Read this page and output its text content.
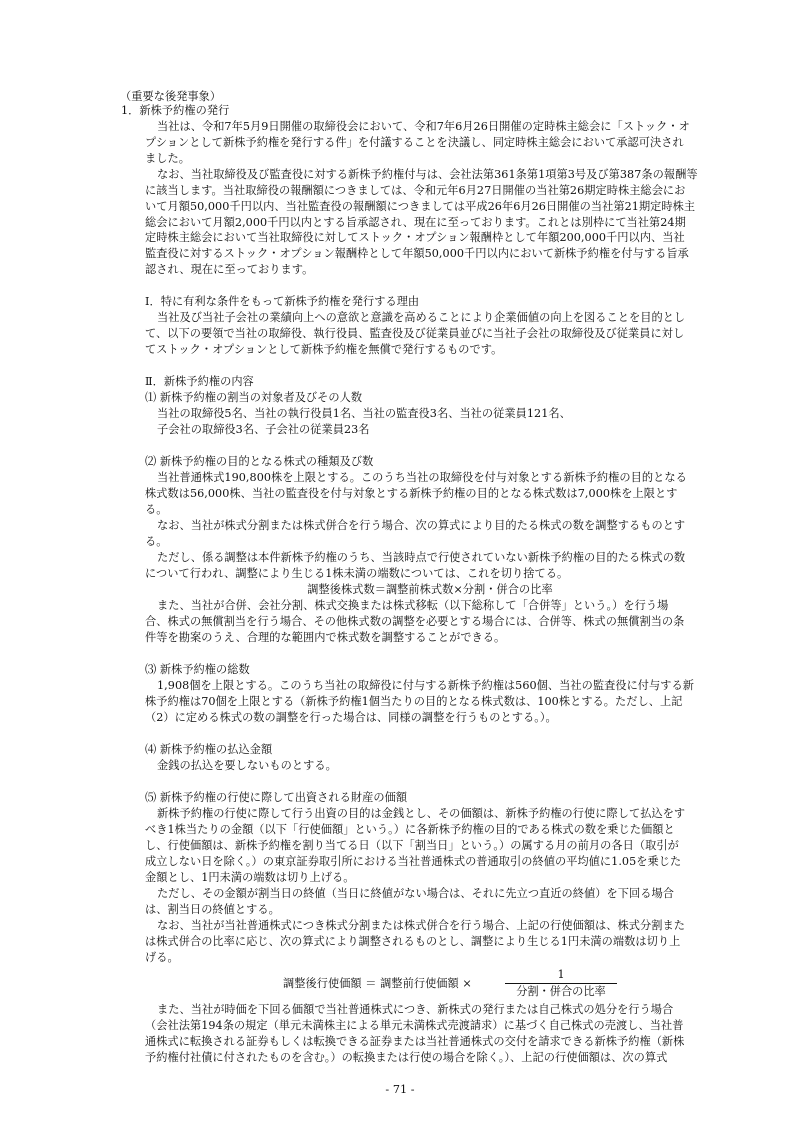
（重要な後発事象）
1．新株予約権の発行
当社は、令和7年5月9日開催の取締役会において、令和7年6月26日開催の定時株主総会に「ストック・オ
プションとして新株予約権を発行する件」を付議することを決議し、同定時株主総会において承認可決され
ました。
なお、当社取締役及び監査役に対する新株予約権付与は、会社法第361条第1項第3号及び第387条の報酬等
に該当します。当社取締役の報酬額につきましては、令和元年6月27日開催の当社第26期定時株主総会にお
いて月額50,000千円以内、当社監査役の報酬額につきましては平成26年6月26日開催の当社第21期定時株主
総会において月額2,000千円以内とする旨承認され、現在に至っております。これとは別枠にて当社第24期
定時株主総会において当社取締役に対してストック・オプション報酬枠として年額200,000千円以内、当社
監査役に対するストック・オプション報酬枠として年額50,000千円以内において新株予約権を付与する旨承
認され、現在に至っております。
Ⅰ．特に有利な条件をもって新株予約権を発行する理由
当社及び当社子会社の業績向上への意欲と意識を高めることにより企業価値の向上を図ることを目的とし
て、以下の要領で当社の取締役、執行役員、監査役及び従業員並びに当社子会社の取締役及び従業員に対し
てストック・オプションとして新株予約権を無償で発行するものです。
Ⅱ．新株予約権の内容
⑴ 新株予約権の割当の対象者及びその人数
当社の取締役5名、当社の執行役員1名、当社の監査役3名、当社の従業員121名、
子会社の取締役3名、子会社の従業員23名
⑵ 新株予約権の目的となる株式の種類及び数
当社普通株式190,800株を上限とする。このうち当社の取締役を付与対象とする新株予約権の目的となる
株式数は56,000株、当社の監査役を付与対象とする新株予約権の目的となる株式数は7,000株を上限とす
る。
なお、当社が株式分割または株式併合を行う場合、次の算式により目的たる株式の数を調整するものとす
る。
ただし、係る調整は本件新株予約権のうち、当該時点で行使されていない新株予約権の目的たる株式の数
について行われ、調整により生じる1株未満の端数については、これを切り捨てる。
調整後株式数＝調整前株式数×分割・併合の比率
また、当社が合併、会社分割、株式交換または株式移転（以下総称して「合併等」という。）を行う場
合、株式の無償割当を行う場合、その他株式数の調整を必要とする場合には、合併等、株式の無償割当の条
件等を勘案のうえ、合理的な範囲内で株式数を調整することができる。
⑶ 新株予約権の総数
1,908個を上限とする。このうち当社の取締役に付与する新株予約権は560個、当社の監査役に付与する新
株予約権は70個を上限とする（新株予約権1個当たりの目的となる株式数は、100株とする。ただし、上記
（2）に定める株式の数の調整を行った場合は、同様の調整を行うものとする。）。
⑷ 新株予約権の払込金額
金銭の払込を要しないものとする。
⑸ 新株予約権の行使に際して出資される財産の価額
新株予約権の行使に際して行う出資の目的は金銭とし、その価額は、新株予約権の行使に際して払込をす
べき1株当たりの金額（以下「行使価額」という。）に各新株予約権の目的である株式の数を乗じた価額と
し、行使価額は、新株予約権を割り当てる日（以下「割当日」という。）の属する月の前月の各日（取引が
成立しない日を除く。）の東京証券取引所における当社普通株式の普通取引の終値の平均値に1.05を乗じた
金額とし、1円未満の端数は切り上げる。
ただし、その金額が割当日の終値（当日に終値がない場合は、それに先立つ直近の終値）を下回る場合
は、割当日の終値とする。
なお、当社が当社普通株式につき株式分割または株式併合を行う場合、上記の行使価額は、株式分割また
は株式併合の比率に応じ、次の算式により調整されるものとし、調整により生じる1円未満の端数は切り上
げる。
調整後行使価額 ＝ 調整前行使価額 ×
1
分割・併合の比率
また、当社が時価を下回る価額で当社普通株式につき、新株式の発行または自己株式の処分を行う場合
（会社法第194条の規定（単元未満株主による単元未満株式売渡請求）に基づく自己株式の売渡し、当社普
通株式に転換される証券もしくは転換できる証券または当社普通株式の交付を請求できる新株予約権（新株
予約権付社債に付されたものを含む。）の転換または行使の場合を除く。）、上記の行使価額は、次の算式
- 71 -
